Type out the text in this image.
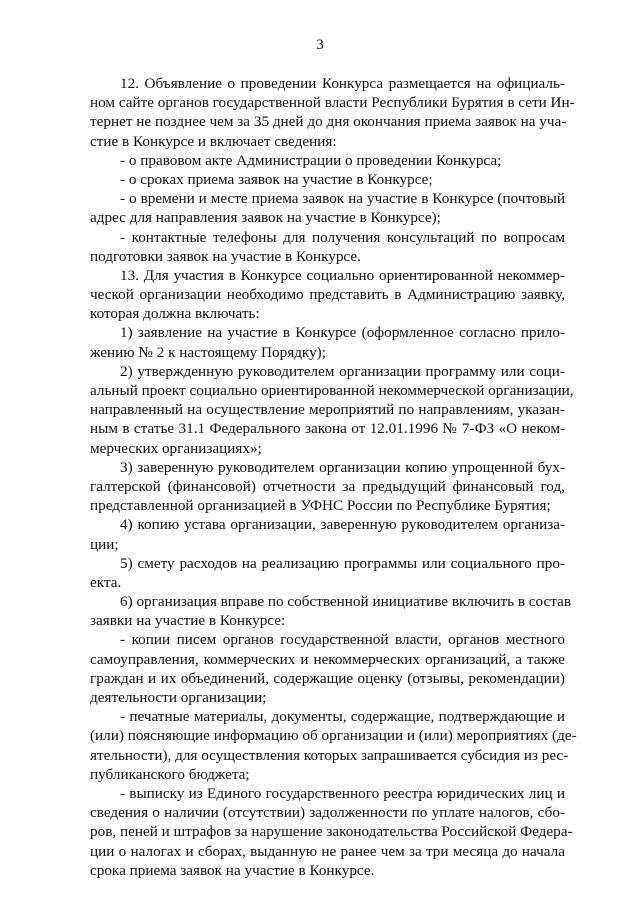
3
12. Объявление о проведении Конкурса размещается на официаль-
ном сайте органов государственной власти Республики Бурятия в сети Ин-
тернет не позднее чем за 35 дней до дня окончания приема заявок на уча-
стие в Конкурсе и включает сведения:
- о правовом акте Администрации о проведении Конкурса;
- о сроках приема заявок на участие в Конкурсе;
- о времени и месте приема заявок на участие в Конкурсе (почтовый
адрес для направления заявок на участие в Конкурсе);
- контактные телефоны для получения консультаций по вопросам
подготовки заявок на участие в Конкурсе.
13. Для участия в Конкурсе социально ориентированной некоммер-
ческой организации необходимо представить в Администрацию заявку,
которая должна включать:
1) заявление на участие в Конкурсе (оформленное согласно прило-
жению № 2 к настоящему Порядку);
2) утвержденную руководителем организации программу или соци-
альный проект социально ориентированной некоммерческой организации,
направленный на осуществление мероприятий по направлениям, указан-
ным в статье 31.1 Федерального закона от 12.01.1996 № 7-ФЗ «О неком-
мерческих организациях»;
3) заверенную руководителем организации копию упрощенной бух-
галтерской (финансовой) отчетности за предыдущий финансовый год,
представленной организацией в УФНС России по Республике Бурятия;
4) копию устава организации, заверенную руководителем организа-
ции;
5) смету расходов на реализацию программы или социального про-
екта.
6) организация вправе по собственной инициативе включить в состав
заявки на участие в Конкурсе:
- копии писем органов государственной власти, органов местного
самоуправления, коммерческих и некоммерческих организаций, а также
граждан и их объединений, содержащие оценку (отзывы, рекомендации)
деятельности организации;
- печатные материалы, документы, содержащие, подтверждающие и
(или) поясняющие информацию об организации и (или) мероприятиях (де-
ятельности), для осуществления которых запрашивается субсидия из рес-
публиканского бюджета;
- выписку из Единого государственного реестра юридических лиц и
сведения о наличии (отсутствии) задолженности по уплате налогов, сбо-
ров, пеней и штрафов за нарушение законодательства Российской Федера-
ции о налогах и сборах, выданную не ранее чем за три месяца до начала
срока приема заявок на участие в Конкурсе.
